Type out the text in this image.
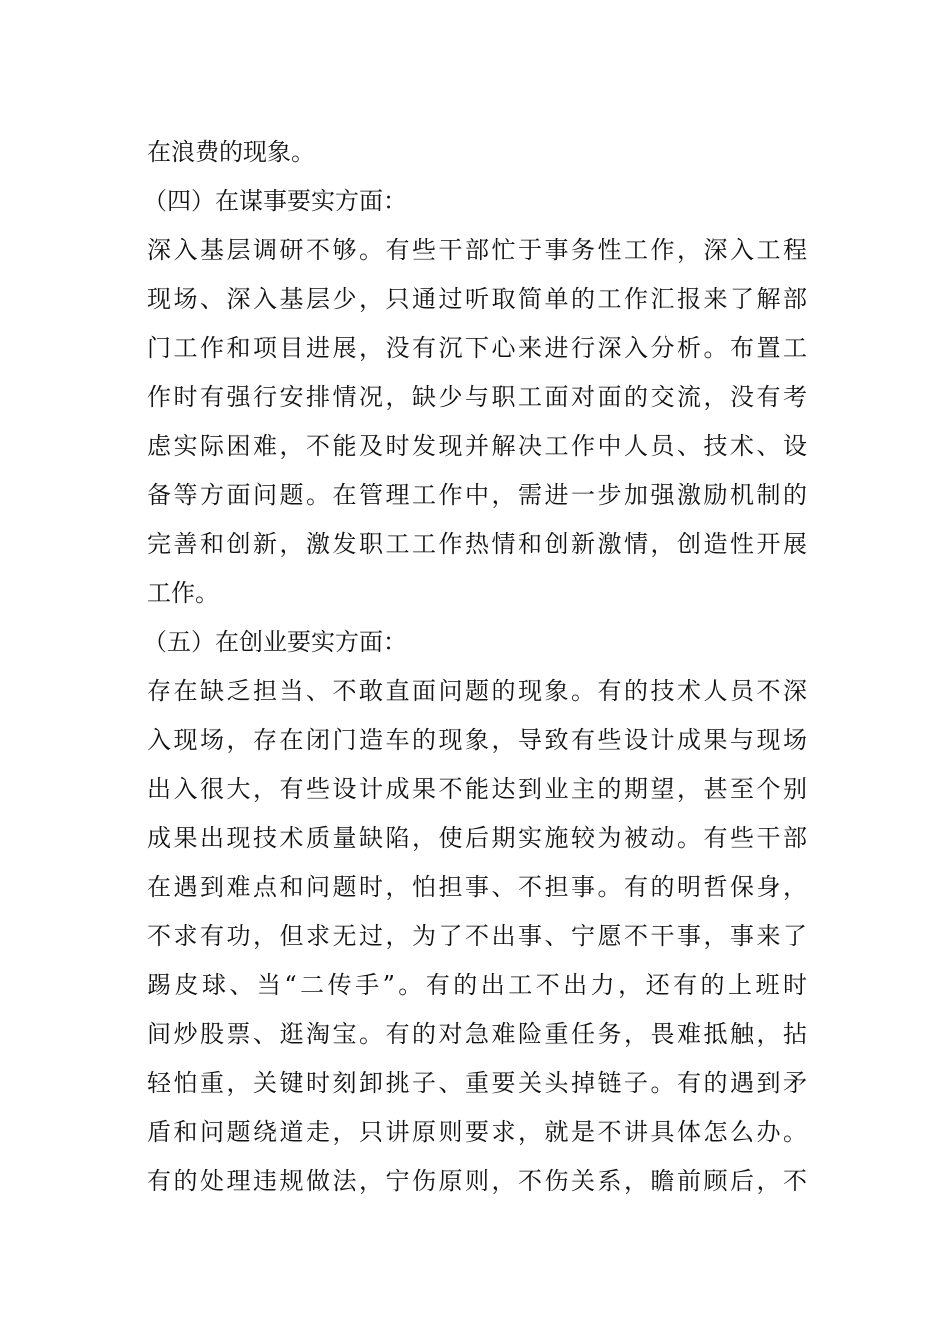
在浪费的现象。
（四）在谋事要实方面：
深入基层调研不够。有些干部忙于事务性工作，深入工程
现场、深入基层少，只通过听取简单的工作汇报来了解部
门工作和项目进展，没有沉下心来进行深入分析。布置工
作时有强行安排情况，缺少与职工面对面的交流，没有考
虑实际困难，不能及时发现并解决工作中人员、技术、设
备等方面问题。在管理工作中，需进一步加强激励机制的
完善和创新，激发职工工作热情和创新激情，创造性开展
工作。
（五）在创业要实方面：
存在缺乏担当、不敢直面问题的现象。有的技术人员不深
入现场，存在闭门造车的现象，导致有些设计成果与现场
出入很大，有些设计成果不能达到业主的期望，甚至个别
成果出现技术质量缺陷，使后期实施较为被动。有些干部
在遇到难点和问题时，怕担事、不担事。有的明哲保身，
不求有功，但求无过，为了不出事、宁愿不干事，事来了
踢皮球、当“二传手”。有的出工不出力，还有的上班时
间炒股票、逛淘宝。有的对急难险重任务，畏难抵触，拈
轻怕重，关键时刻卸挑子、重要关头掉链子。有的遇到矛
盾和问题绕道走，只讲原则要求，就是不讲具体怎么办。
有的处理违规做法，宁伤原则，不伤关系，瞻前顾后，不
